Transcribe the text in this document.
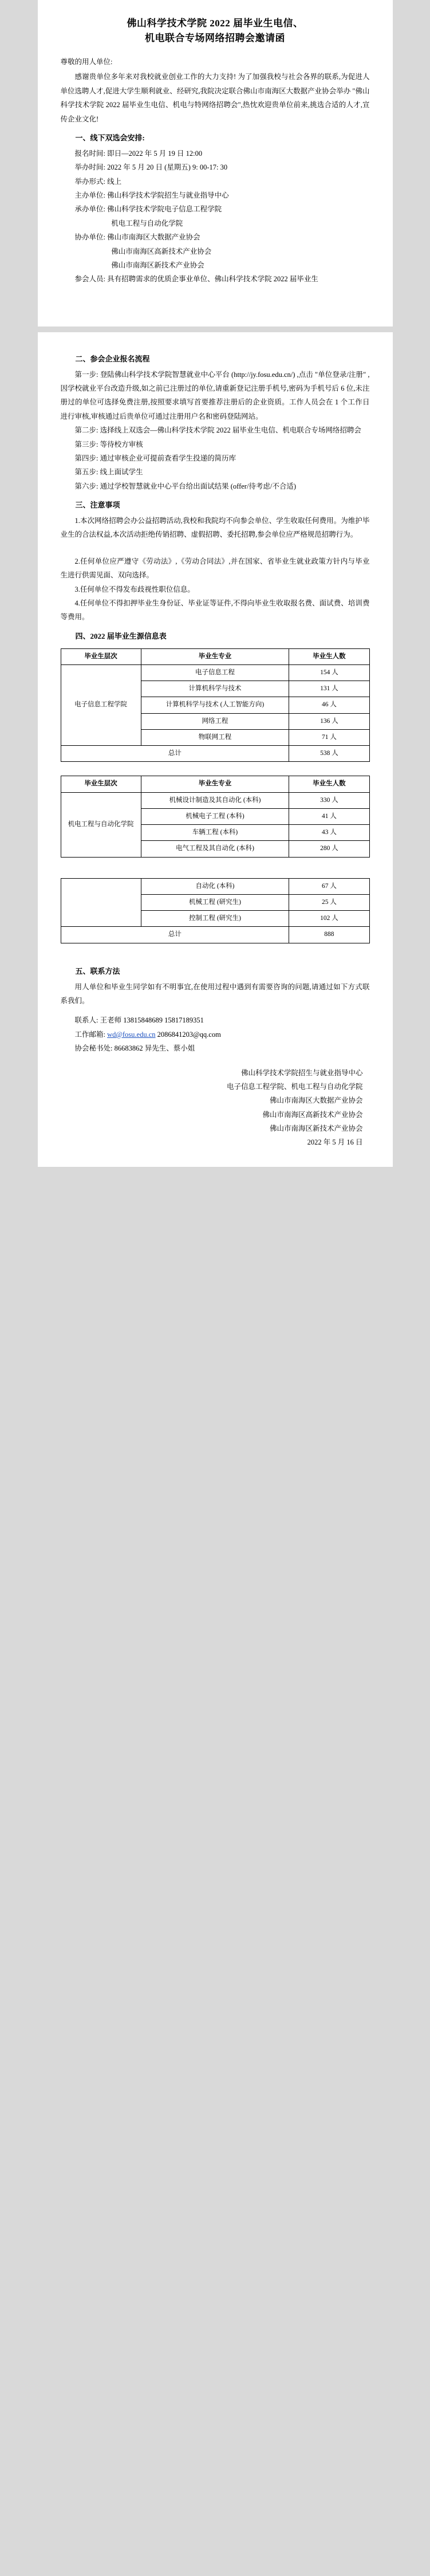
佛山科学技术学院 2022 届毕业生电信、
机电联合专场网络招聘会邀请函
尊敬的用人单位:

感谢贵单位多年来对我校就业创业工作的大力支持! 为了加强我校与社会各界的联系,为促进人单位选聘人才,促进大学生顺利就业、经研究,我院决定联合佛山市南海区大数据产业协会举办 "佛山科学技术学院 2022 届毕业生电信、机电与特网络招聘会",热忱欢迎贵单位前来,挑选合适的人才,宣传企业文化!

一、线下双选会安排:

报名时间: 即日—2022 年 5 月 19 日 12:00

举办时间: 2022 年 5 月 20 日 (星期五) 9: 00-17: 30

举办形式: 线上

主办单位: 佛山科学技术学院招生与就业指导中心

承办单位: 佛山科学技术学院电子信息工程学院

机电工程与自动化学院

协办单位: 佛山市南海区大数据产业协会

佛山市南海区高新技术产业协会

佛山市南海区新技术产业协会

参会人员: 具有招聘需求的优质企事业单位、佛山科学技术学院 2022 届毕业生

二、参会企业报名流程

第一步: 登陆佛山科学技术学院智慧就业中心平台 (http://jy.fosu.edu.cn/) ,点击 "单位登录/注册" ,因学校就业平台改造升级,如之前已注册过的单位,请重新登记注册手机号,密码为手机号后 6 位,未注册过的单位可选择免费注册,按照要求填写首要推荐注册后的企业资质。工作人员会在 1 个工作日进行审核,审核通过后贵单位可通过注册用户名和密码登陆网站。

第二步: 选择线上双选会—佛山科学技术学院 2022 届毕业生电信、机电联合专场网络招聘会

第三步: 等待校方审核

第四步: 通过审核企业可提前查看学生投递的简历库

第五步: 线上面试学生

第六步: 通过学校智慧就业中心平台给出面试结果 (offer/待考虑/不合适)

三、注意事项

1.本次网络招聘会办公益招聘活动,我校和我院均不向参会单位、学生收取任何费用。为维护毕业生的合法权益,本次活动拒绝传销招聘、虚假招聘、委托招聘,参会单位应严格规范招聘行为。

2.任何单位应严遵守《劳动法》,《劳动合同法》,并在国家、省毕业生就业政策方针内与毕业生进行供需见面、双向选择。

3.任何单位不得发布歧视性职位信息。

4.任何单位不得扣押毕业生身份证、毕业证等证件,不得向毕业生收取报名费、面试费、培训费等费用。

四、2022 届毕业生源信息表
毕业生层次	毕业生专业	毕业生人数
电子信息工程学院	电子信息工程	154 人
	计算机科学与技术	131 人
	计算机科学与技术 (人工智能方向)	46 人
	网络工程	136 人
	物联网工程	71 人
总计		538 人
毕业生层次	毕业生专业	毕业生人数
机电工程与自动化学院	机械设计制造及其自动化 (本科)	330 人
	机械电子工程 (本科)	41 人
	车辆工程 (本科)	43 人
	电气工程及其自动化 (本科)	280 人
	自动化 (本科)	67 人
	机械工程 (研究生)	25 人
	控制工程 (研究生)	102 人
总计		888
五、联系方法

用人单位和毕业生同学如有不明事宜,在使用过程中遇到有需要咨询的问题,请通过如下方式联系我们。

联系人: 王老师 13815848689 15817189351

工作邮箱: wd@fosu.edu.cn 2086841203@qq.com

协会秘书处: 86683862 异先生、蔡小姐

佛山科学技术学院招生与就业指导中心

电子信息工程学院、机电工程与自动化学院

佛山市南海区大数据产业协会

佛山市南海区高新技术产业协会

佛山市南海区新技术产业协会

2022 年 5 月 16 日
